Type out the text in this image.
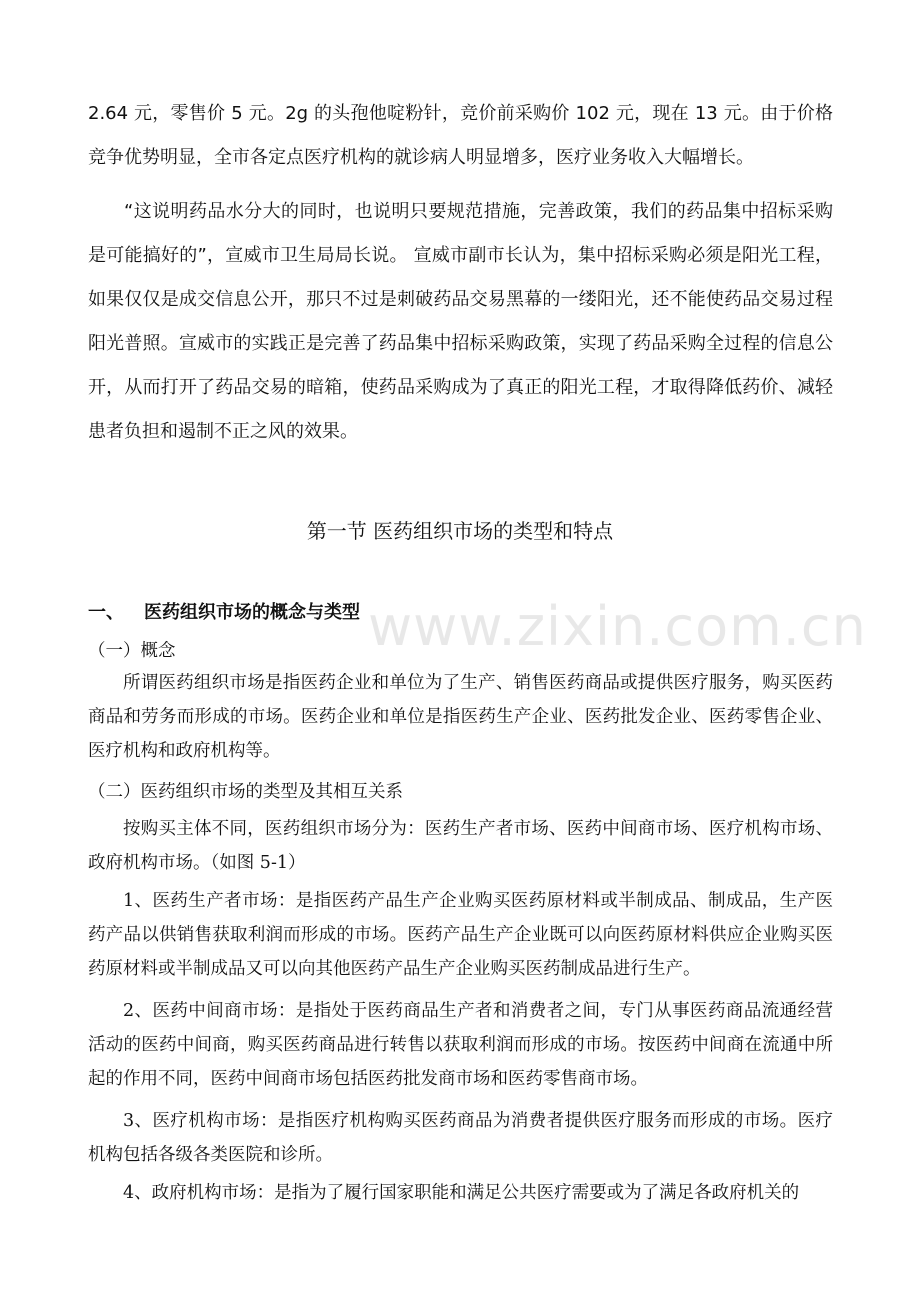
2.64 元，零售价 5 元。2g 的头孢他啶粉针，竞价前采购价 102 元，现在 13 元。由于价格竞争优势明显，全市各定点医疗机构的就诊病人明显增多，医疗业务收入大幅增长。

“这说明药品水分大的同时，也说明只要规范措施，完善政策，我们的药品集中招标采购是可能搞好的”，宣威市卫生局局长说。 宣威市副市长认为，集中招标采购必须是阳光工程，如果仅仅是成交信息公开，那只不过是刺破药品交易黑幕的一缕阳光，还不能使药品交易过程阳光普照。宣威市的实践正是完善了药品集中招标采购政策，实现了药品采购全过程的信息公开，从而打开了药品交易的暗箱，使药品采购成为了真正的阳光工程，才取得降低药价、减轻患者负担和遏制不正之风的效果。

第一节 医药组织市场的类型和特点

一、 医药组织市场的概念与类型 www.zixin.com.cn

（一）概念

所谓医药组织市场是指医药企业和单位为了生产、销售医药商品或提供医疗服务，购买医药商品和劳务而形成的市场。医药企业和单位是指医药生产企业、医药批发企业、医药零售企业、医疗机构和政府机构等。

（二）医药组织市场的类型及其相互关系

按购买主体不同，医药组织市场分为：医药生产者市场、医药中间商市场、医疗机构市场、政府机构市场。（如图 5-1）

1、医药生产者市场：是指医药产品生产企业购买医药原材料或半制成品、制成品，生产医药产品以供销售获取利润而形成的市场。医药产品生产企业既可以向医药原材料供应企业购买医药原材料或半制成品又可以向其他医药产品生产企业购买医药制成品进行生产。

2、医药中间商市场：是指处于医药商品生产者和消费者之间，专门从事医药商品流通经营活动的医药中间商，购买医药商品进行转售以获取利润而形成的市场。按医药中间商在流通中所起的作用不同，医药中间商市场包括医药批发商市场和医药零售商市场。

3、医疗机构市场：是指医疗机构购买医药商品为消费者提供医疗服务而形成的市场。医疗机构包括各级各类医院和诊所。

4、政府机构市场：是指为了履行国家职能和满足公共医疗需要或为了满足各政府机关的
